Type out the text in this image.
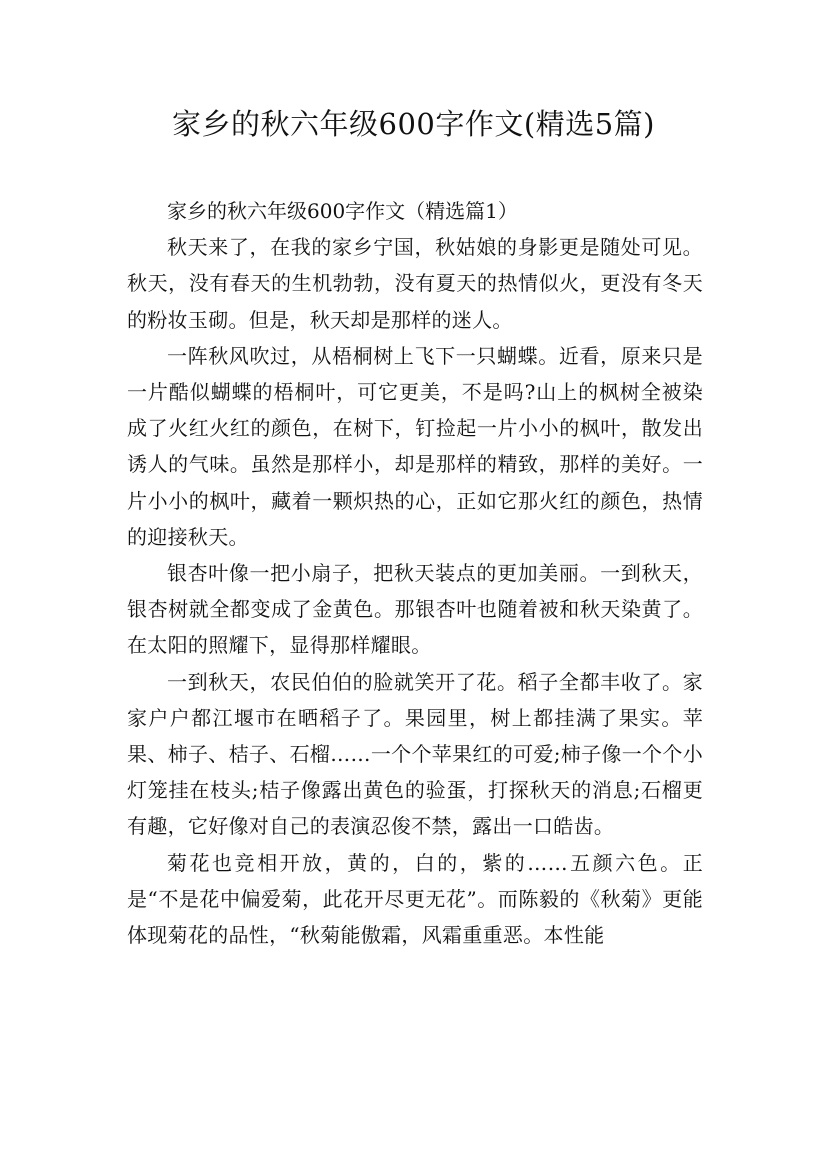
家乡的秋六年级600字作文(精选5篇)

家乡的秋六年级600字作文（精选篇1）

秋天来了，在我的家乡宁国，秋姑娘的身影更是随处可见。秋天，没有春天的生机勃勃，没有夏天的热情似火，更没有冬天的粉妆玉砌。但是，秋天却是那样的迷人。

一阵秋风吹过，从梧桐树上飞下一只蝴蝶。近看，原来只是一片酷似蝴蝶的梧桐叶，可它更美，不是吗?山上的枫树全被染成了火红火红的颜色，在树下，钉捡起一片小小的枫叶，散发出诱人的气味。虽然是那样小，却是那样的精致，那样的美好。一片小小的枫叶，藏着一颗炽热的心，正如它那火红的颜色，热情的迎接秋天。

银杏叶像一把小扇子，把秋天装点的更加美丽。一到秋天，银杏树就全都变成了金黄色。那银杏叶也随着被和秋天染黄了。在太阳的照耀下，显得那样耀眼。

一到秋天，农民伯伯的脸就笑开了花。稻子全都丰收了。家家户户都江堰市在晒稻子了。果园里，树上都挂满了果实。苹果、柿子、桔子、石榴……一个个苹果红的可爱;柿子像一个个小灯笼挂在枝头;桔子像露出黄色的验蛋，打探秋天的消息;石榴更有趣，它好像对自己的表演忍俊不禁，露出一口皓齿。

菊花也竞相开放，黄的，白的，紫的……五颜六色。正是“不是花中偏爱菊，此花开尽更无花”。而陈毅的《秋菊》更能体现菊花的品性，“秋菊能傲霜，风霜重重恶。本性能
